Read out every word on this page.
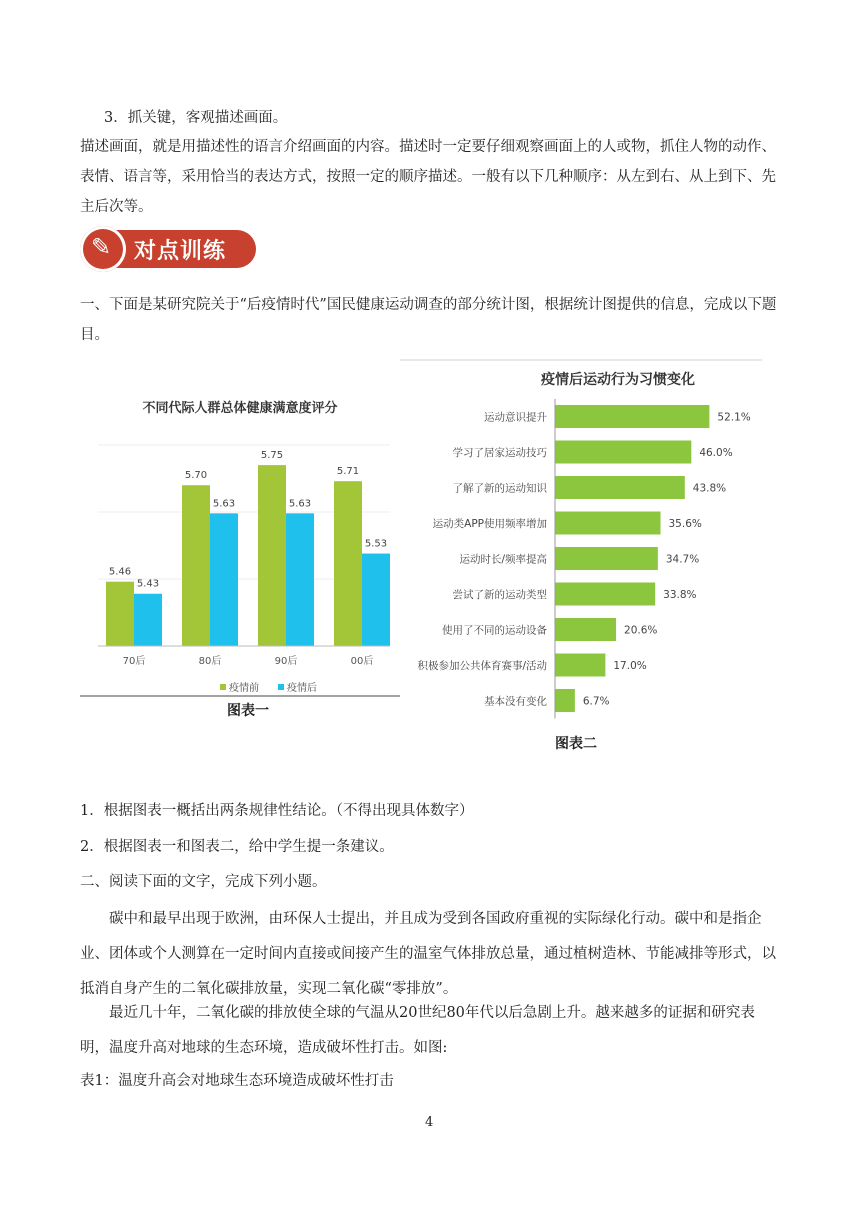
3．抓关键，客观描述画面。

描述画面，就是用描述性的语言介绍画面的内容。描述时一定要仔细观察画面上的人或物，抓住人物的动作、表情、语言等，采用恰当的表达方式，按照一定的顺序描述。一般有以下几种顺序：从左到右、从上到下、先主后次等。

✎ 对点训练

一、下面是某研究院关于“后疫情时代”国民健康运动调查的部分统计图，根据统计图提供的信息，完成以下题目。

不同代际人群总体健康满意度评分
5.46
5.43
70后
5.70
5.63
80后
5.75
5.63
90后
5.71
5.53
00后
疫情前	疫情后
图表一
疫情后运动行为习惯变化
运动意识提升	52.1%
学习了居家运动技巧	46.0%
了解了新的运动知识	43.8%
运动类APP使用频率增加	35.6%
运动时长/频率提高	34.7%
尝试了新的运动类型	33.8%
使用了不同的运动设备	20.6%
积极参加公共体育赛事/活动	17.0%
基本没有变化	6.7%
图表二

1．根据图表一概括出两条规律性结论。（不得出现具体数字）

2．根据图表一和图表二，给中学生提一条建议。

二、阅读下面的文字，完成下列小题。

碳中和最早出现于欧洲，由环保人士提出，并且成为受到各国政府重视的实际绿化行动。碳中和是指企业、团体或个人测算在一定时间内直接或间接产生的温室气体排放总量，通过植树造林、节能减排等形式，以抵消自身产生的二氧化碳排放量，实现二氧化碳“零排放”。

最近几十年，二氧化碳的排放使全球的气温从20世纪80年代以后急剧上升。越来越多的证据和研究表明，温度升高对地球的生态环境，造成破坏性打击。如图:

表1：温度升高会对地球生态环境造成破坏性打击

4
